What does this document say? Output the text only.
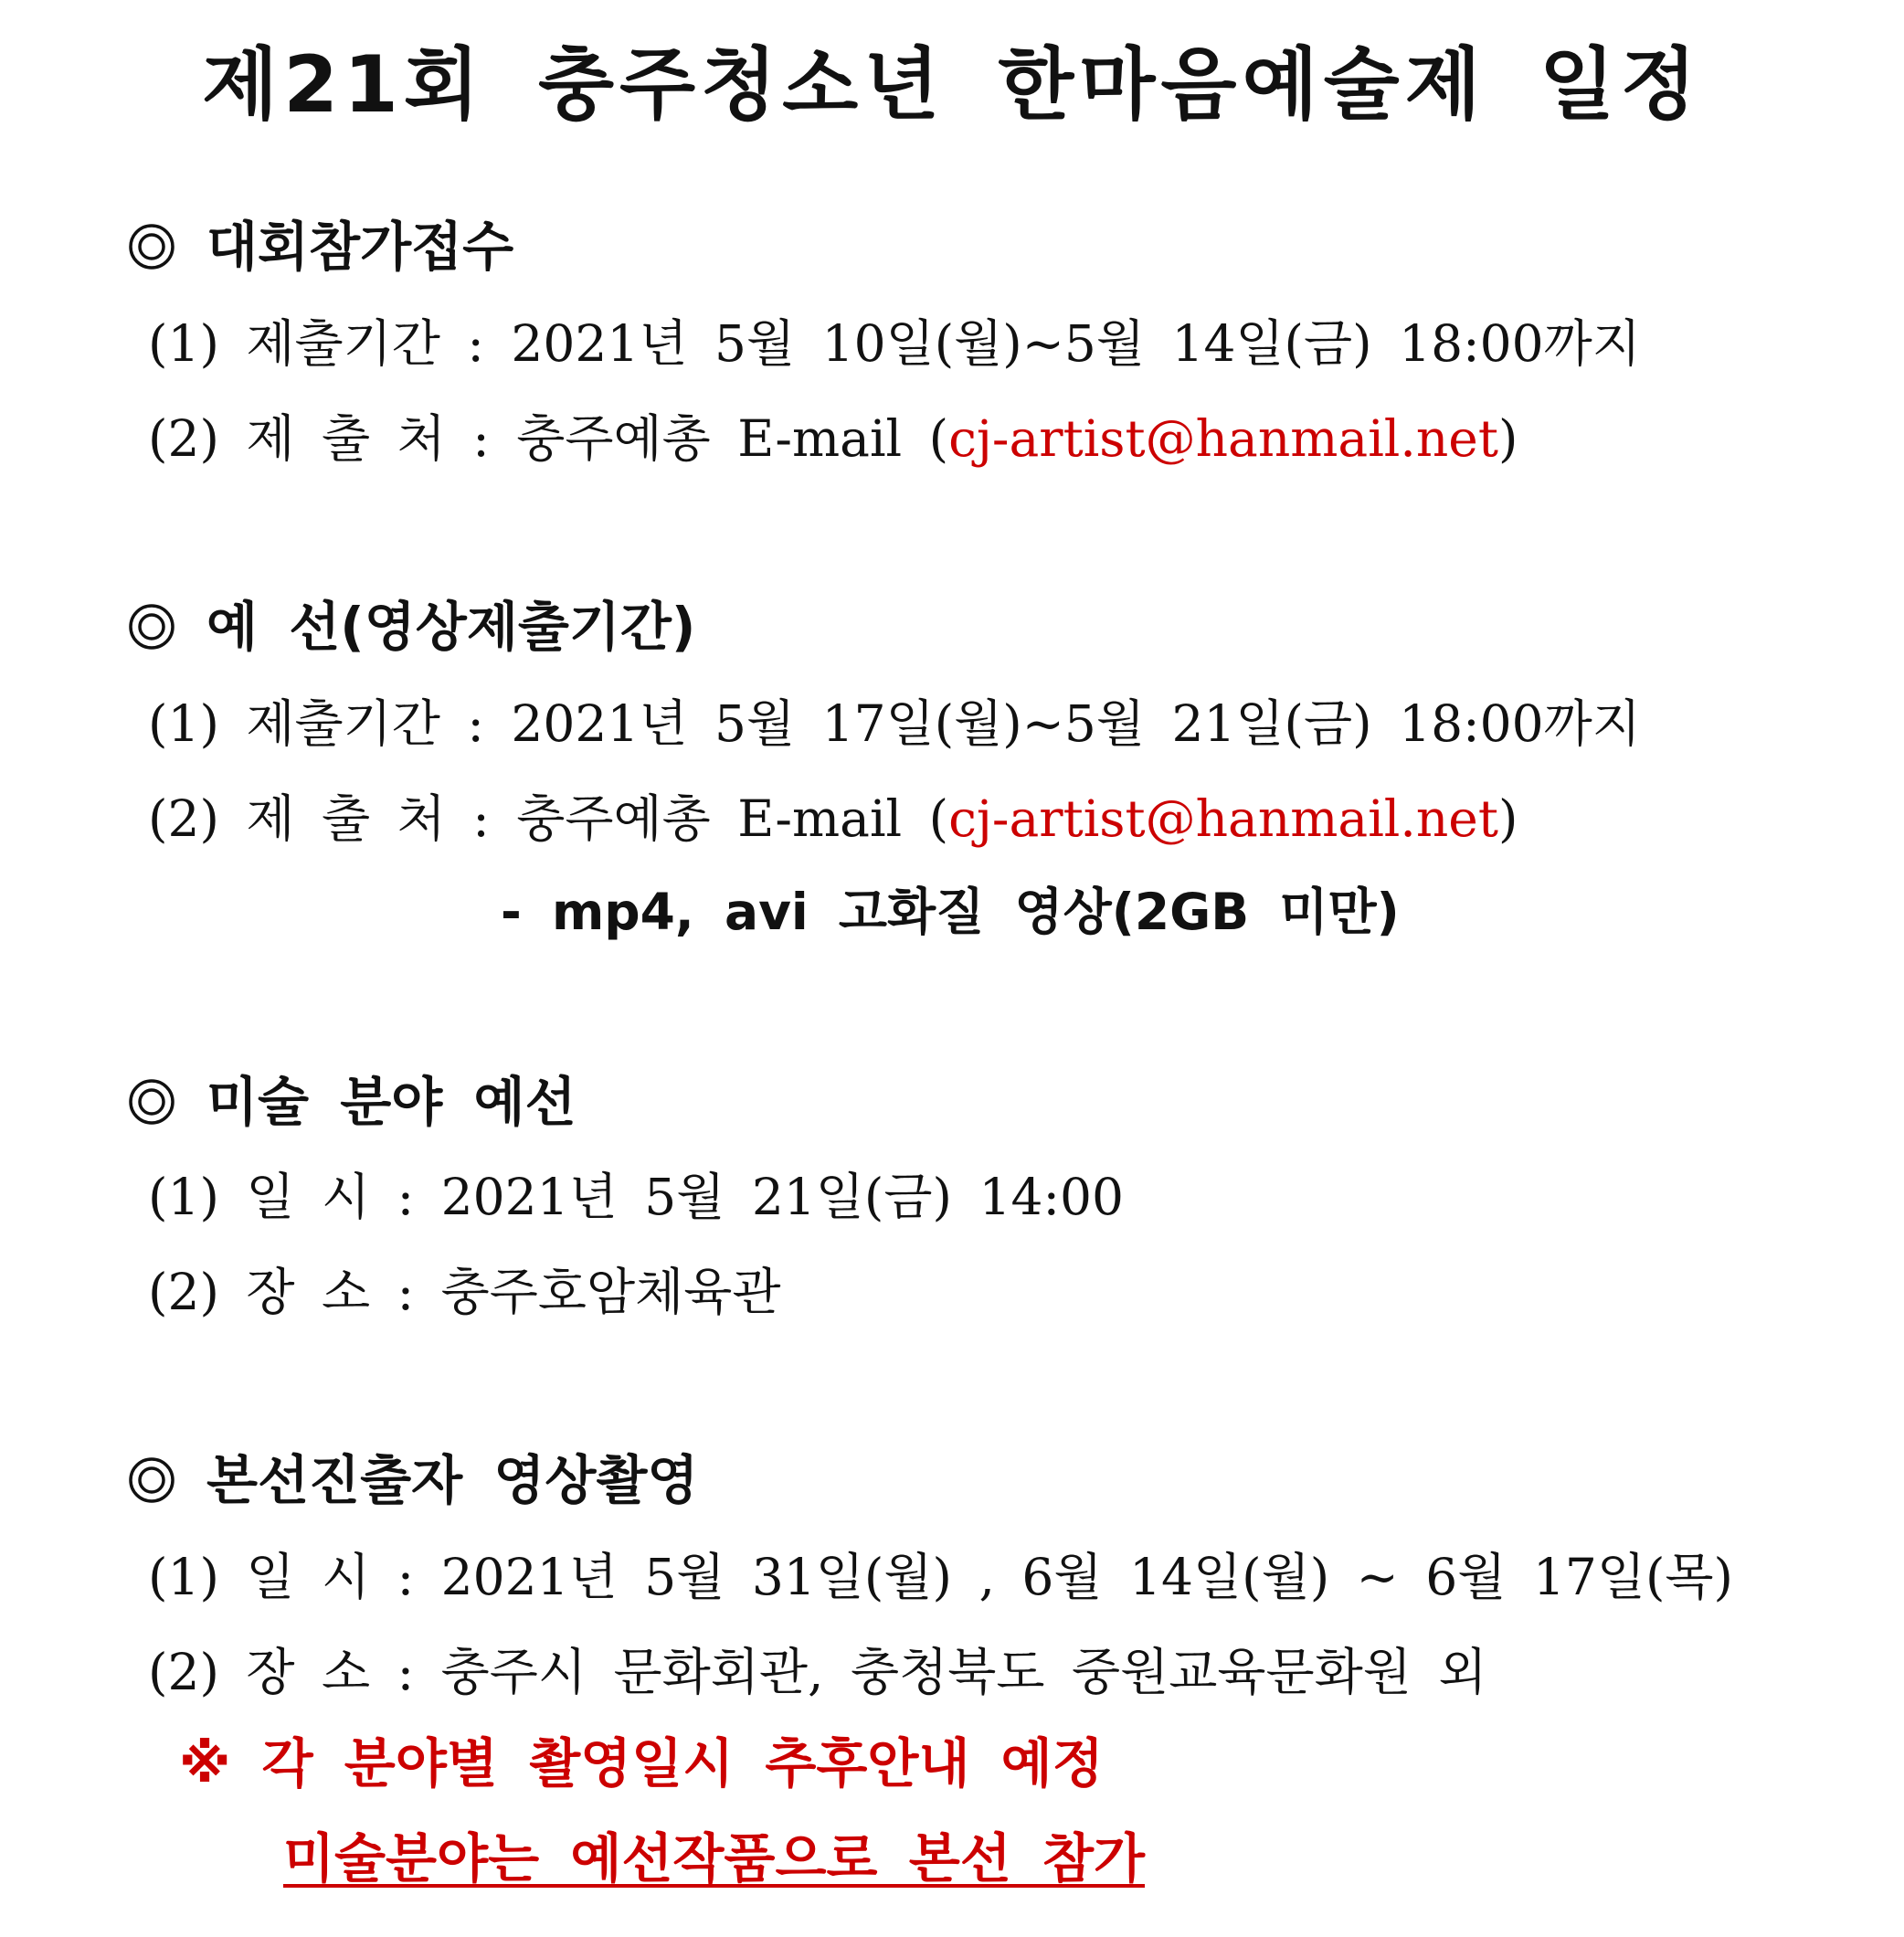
제21회 충주청소년 한마음예술제 일정
대회참가접수
(1) 제출기간 : 2021년 5월 10일(월)~5월 14일(금) 18:00까지
(2) 제 출 처 : 충주예총 E-mail (cj-artist@hanmail.net)
예 선(영상제출기간)
(1) 제출기간 : 2021년 5월 17일(월)~5월 21일(금) 18:00까지
(2) 제 출 처 : 충주예총 E-mail (cj-artist@hanmail.net)
- mp4, avi 고화질 영상(2GB 미만)
미술 분야 예선
(1) 일 시 : 2021년 5월 21일(금) 14:00
(2) 장 소 : 충주호암체육관
본선진출자 영상촬영
(1) 일 시 : 2021년 5월 31일(월) , 6월 14일(월) ~ 6월 17일(목)
(2) 장 소 : 충주시 문화회관, 충청북도 중원교육문화원 외
※ 각 분야별 촬영일시 추후안내 예정
미술분야는 예선작품으로 본선 참가
